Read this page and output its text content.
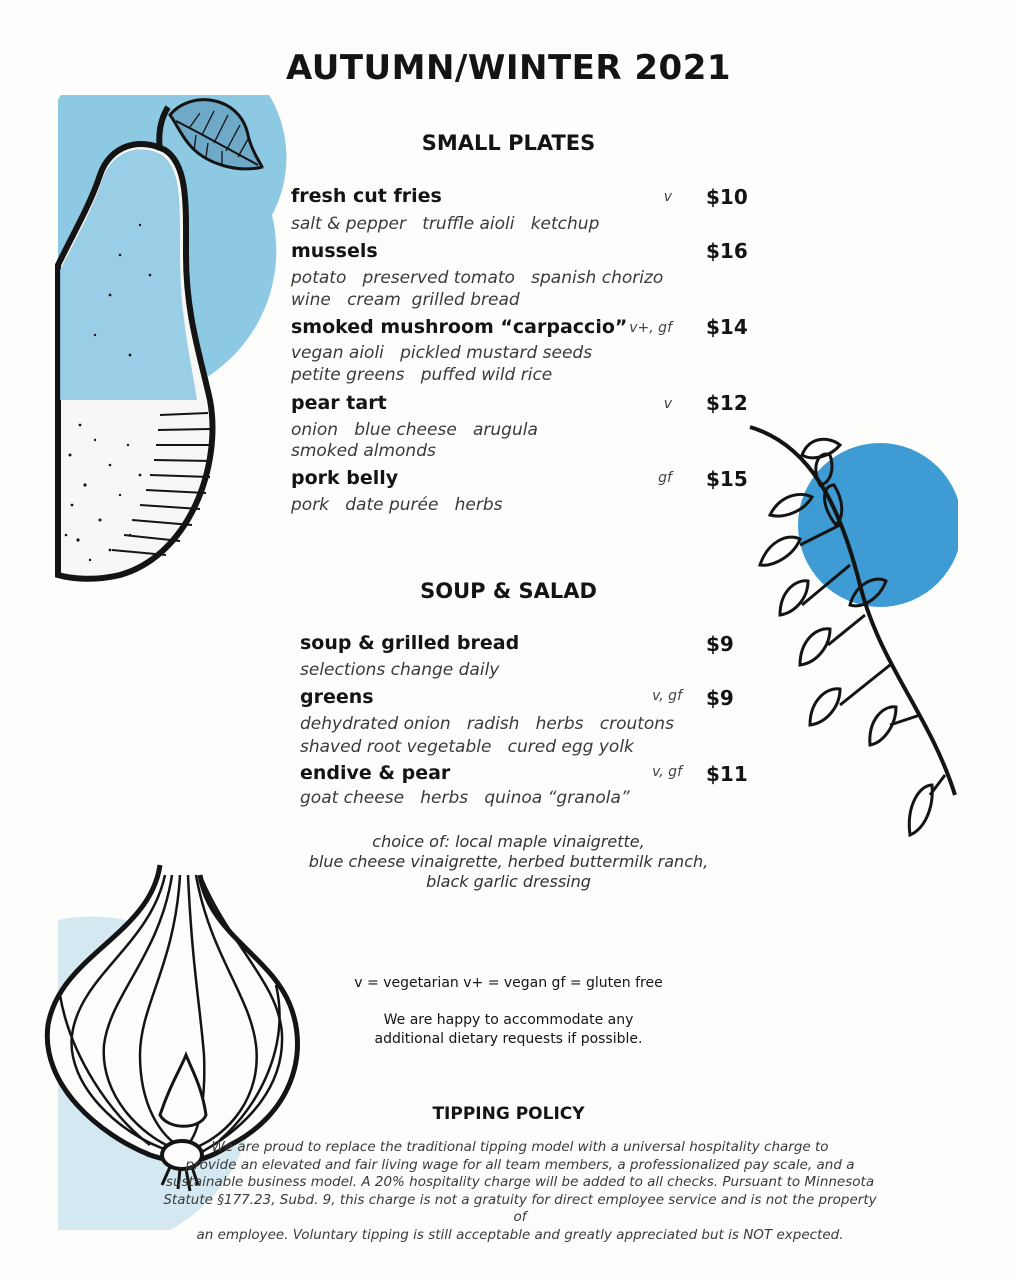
AUTUMN/WINTER 2021
SMALL PLATES
fresh cut fries	v $10
salt & pepper   truffle aioli   ketchup
mussels	$16
potato   preserved tomato   spanish chorizo
wine   cream  grilled bread
smoked mushroom “carpaccio” v+, gf $14
vegan aioli   pickled mustard seeds
petite greens   puffed wild rice
pear tart	v $12
onion   blue cheese   arugula
smoked almonds
pork belly	gf $15
pork   date purée   herbs
SOUP & SALAD
soup & grilled bread	$9
selections change daily
greens	v, gf $9
dehydrated onion   radish   herbs   croutons
shaved root vegetable   cured egg yolk
endive & pear	v, gf $11
goat cheese   herbs   quinoa “granola”
choice of: local maple vinaigrette,
blue cheese vinaigrette, herbed buttermilk ranch,
black garlic dressing
v = vegetarian v+ = vegan gf = gluten free
We are happy to accommodate any
additional dietary requests if possible.
TIPPING POLICY
We are proud to replace the traditional tipping model with a universal hospitality charge to
provide an elevated and fair living wage for all team members, a professionalized pay scale, and a
sustainable business model. A 20% hospitality charge will be added to all checks. Pursuant to Minnesota
Statute §177.23, Subd. 9, this charge is not a gratuity for direct employee service and is not the property of
an employee. Voluntary tipping is still acceptable and greatly appreciated but is NOT expected.
